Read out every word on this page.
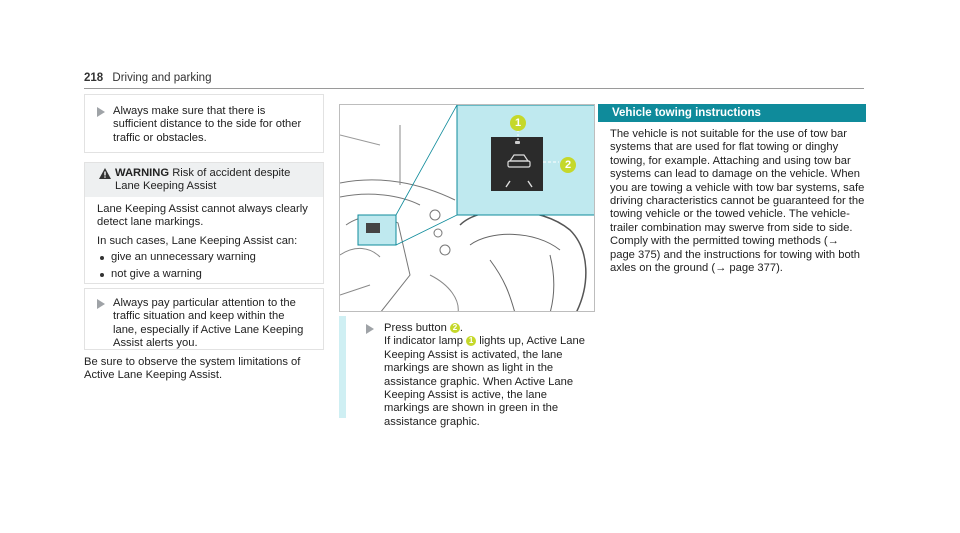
218 Driving and parking

Always make sure that there is sufficient distance to the side for other traffic or obstacles.

WARNING Risk of accident despite Lane Keeping Assist

Lane Keeping Assist cannot always clearly detect lane markings.

In such cases, Lane Keeping Assist can:

give an unnecessary warning

not give a warning

Always pay particular attention to the traffic situation and keep within the lane, especially if Active Lane Keeping Assist alerts you.

Be sure to observe the system limitations of Active Lane Keeping Assist.

1
2

Press button 2 .

If indicator lamp 1 lights up, Active Lane Keeping Assist is activated, the lane markings are shown as light in the assistance graphic. When Active Lane Keeping Assist is active, the lane markings are shown in green in the assistance graphic.

Vehicle towing instructions

The vehicle is not suitable for the use of tow bar systems that are used for flat towing or dinghy towing, for example. Attaching and using tow bar systems can lead to damage on the vehicle. When you are towing a vehicle with tow bar systems, safe driving characteristics cannot be guaranteed for the towing vehicle or the towed vehicle. The vehicle-trailer combination may swerve from side to side. Comply with the permitted towing methods (→ page 375) and the instructions for towing with both axles on the ground (→ page 377).
